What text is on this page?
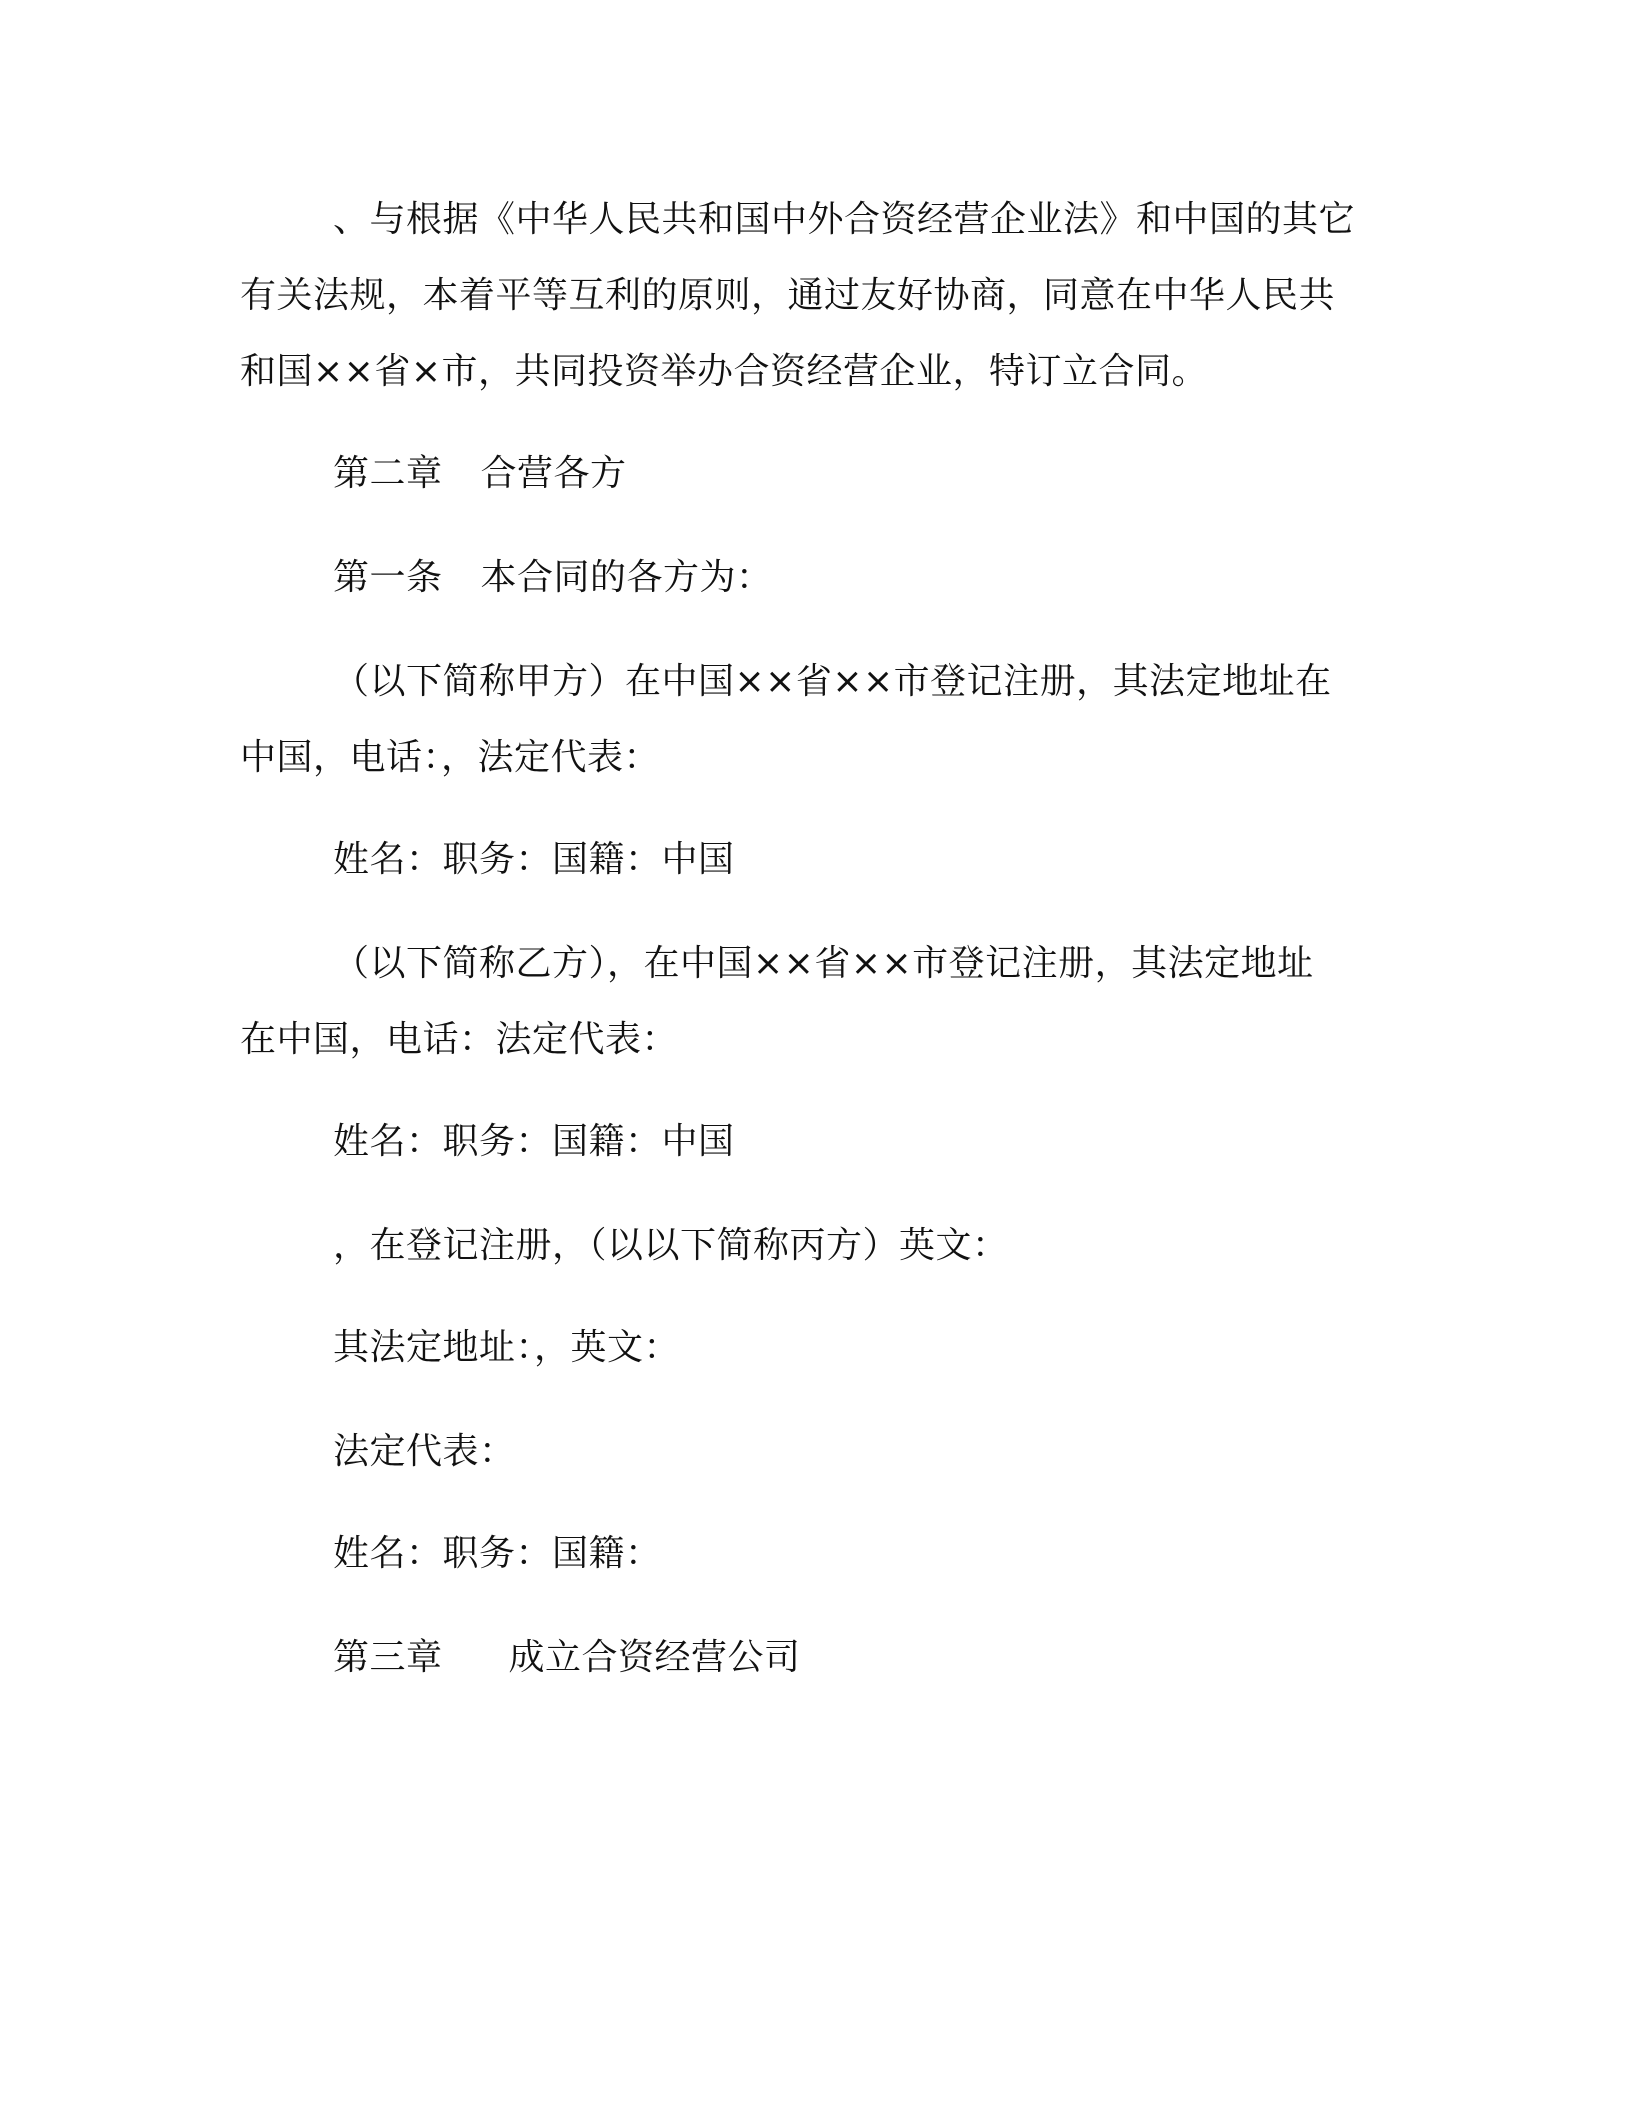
、与根据《中华人民共和国中外合资经营企业法》和中国的其它
有关法规，本着平等互利的原则，通过友好协商，同意在中华人民共
和国××省×市，共同投资举办合资经营企业，特订立合同。
第二章 合营各方
第一条 本合同的各方为：
（以下简称甲方）在中国××省××市登记注册，其法定地址在
中国，电话：，法定代表：
姓名：职务：国籍：中国
（以下简称乙方），在中国××省××市登记注册，其法定地址
在中国，电话：法定代表：
姓名：职务：国籍：中国
，在登记注册，（以以下简称丙方）英文：
其法定地址：，英文：
法定代表：
姓名：职务：国籍：
第三章 成立合资经营公司
